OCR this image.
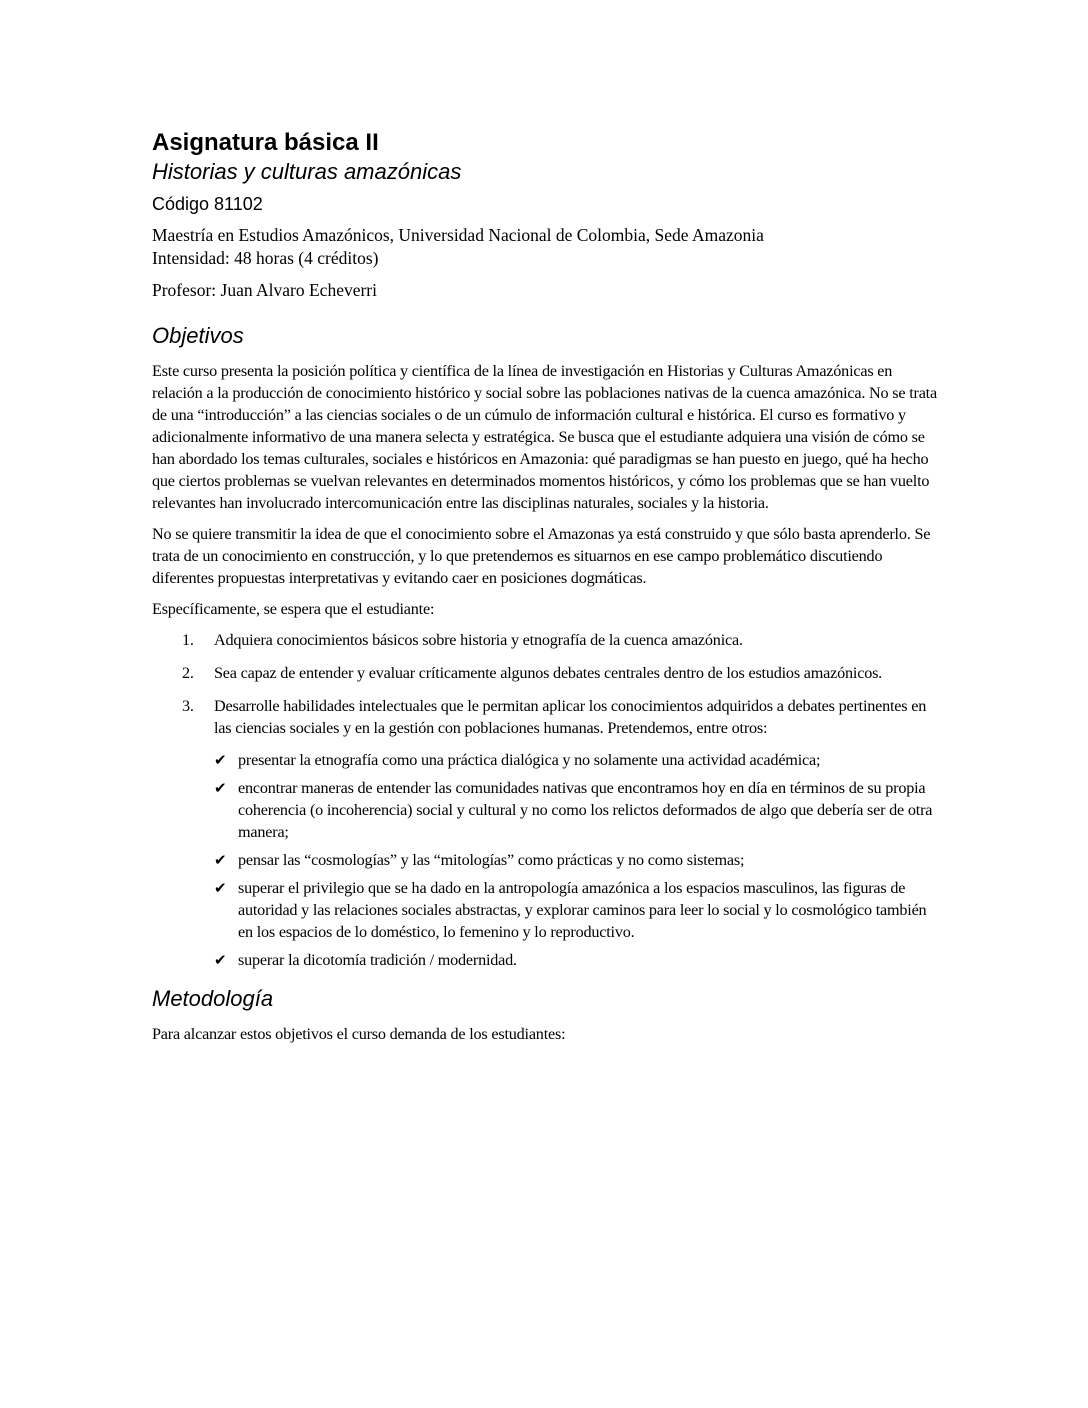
Asignatura básica II

Historias y culturas amazónicas

Código 81102

Maestría en Estudios Amazónicos, Universidad Nacional de Colombia, Sede Amazonia

Intensidad: 48 horas (4 créditos)

Profesor: Juan Alvaro Echeverri

Objetivos

Este curso presenta la posición política y científica de la línea de investigación en Historias y Culturas Amazónicas en relación a la producción de conocimiento histórico y social sobre las poblaciones nativas de la cuenca amazónica. No se trata de una “introducción” a las ciencias sociales o de un cúmulo de información cultural e histórica. El curso es formativo y adicionalmente informativo de una manera selecta y estratégica. Se busca que el estudiante adquiera una visión de cómo se han abordado los temas culturales, sociales e históricos en Amazonia: qué paradigmas se han puesto en juego, qué ha hecho que ciertos problemas se vuelvan relevantes en determinados momentos históricos, y cómo los problemas que se han vuelto relevantes han involucrado intercomunicación entre las disciplinas naturales, sociales y la historia.

No se quiere transmitir la idea de que el conocimiento sobre el Amazonas ya está construido y que sólo basta aprenderlo. Se trata de un conocimiento en construcción, y lo que pretendemos es situarnos en ese campo problemático discutiendo diferentes propuestas interpretativas y evitando caer en posiciones dogmáticas.

Específicamente, se espera que el estudiante:

1. Adquiera conocimientos básicos sobre historia y etnografía de la cuenca amazónica.
2. Sea capaz de entender y evaluar críticamente algunos debates centrales dentro de los estudios amazónicos.
3. Desarrolle habilidades intelectuales que le permitan aplicar los conocimientos adquiridos a debates pertinentes en las ciencias sociales y en la gestión con poblaciones humanas. Pretendemos, entre otros:
✔ presentar la etnografía como una práctica dialógica y no solamente una actividad académica;
✔ encontrar maneras de entender las comunidades nativas que encontramos hoy en día en términos de su propia coherencia (o incoherencia) social y cultural y no como los relictos deformados de algo que debería ser de otra manera;
✔ pensar las “cosmologías” y las “mitologías” como prácticas y no como sistemas;
✔ superar el privilegio que se ha dado en la antropología amazónica a los espacios masculinos, las figuras de autoridad y las relaciones sociales abstractas, y explorar caminos para leer lo social y lo cosmológico también en los espacios de lo doméstico, lo femenino y lo reproductivo.
✔ superar la dicotomía tradición / modernidad.
Metodología

Para alcanzar estos objetivos el curso demanda de los estudiantes:
